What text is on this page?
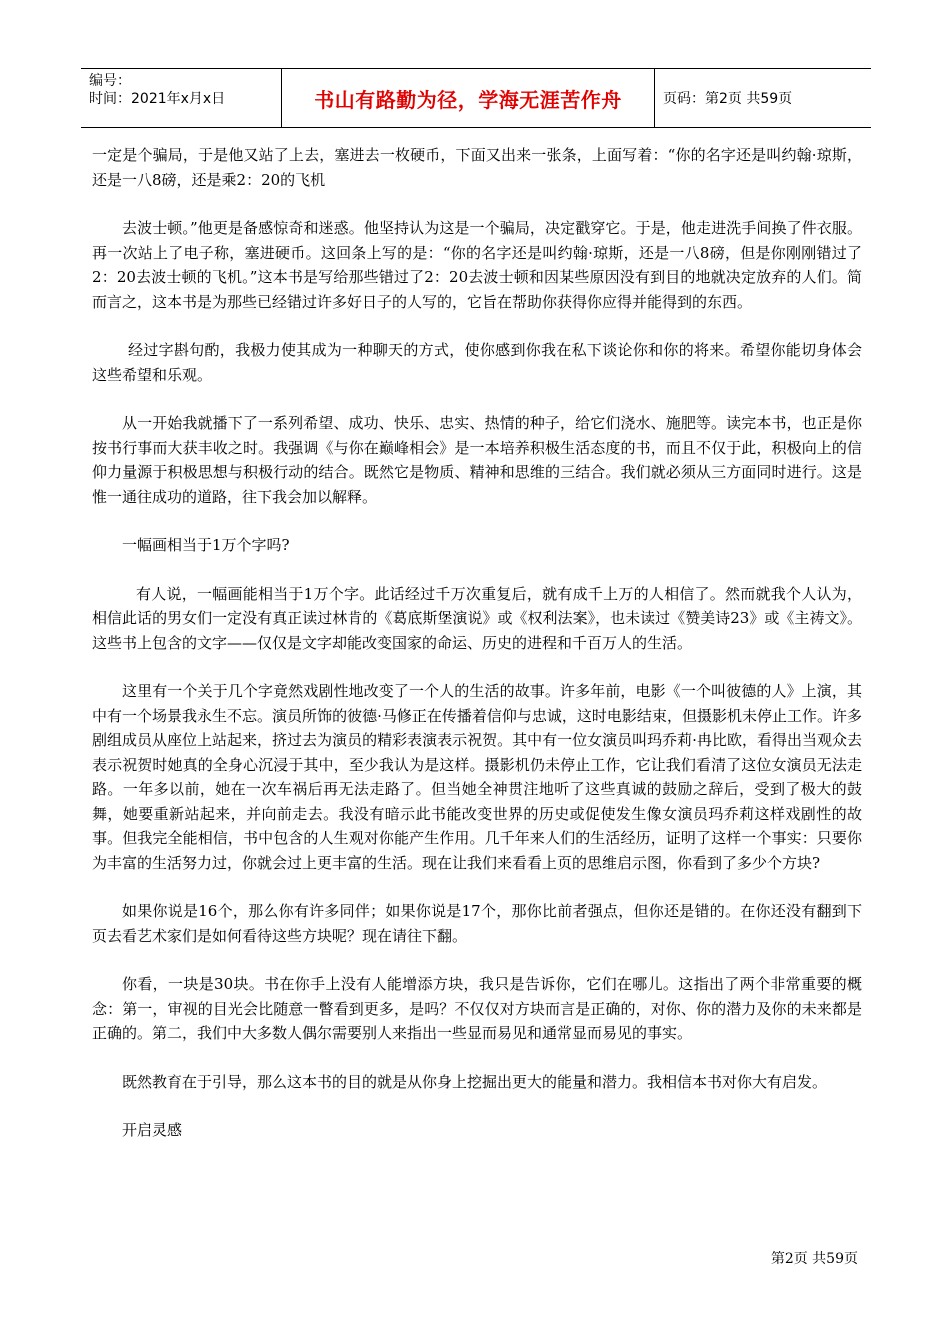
编号：
时间：2021年x月x日	书山有路勤为径，学海无涯苦作舟	页码：第2页 共59页

一定是个骗局，于是他又站了上去，塞进去一枚硬币，下面又出来一张条，上面写着：“你的名字还是叫约翰·琼斯，还是一八8磅，还是乘2：20的飞机

去波士顿。”他更是备感惊奇和迷惑。他坚持认为这是一个骗局，决定戳穿它。于是，他走进洗手间换了件衣服。再一次站上了电子称，塞进硬币。这回条上写的是：“你的名字还是叫约翰·琼斯，还是一八8磅，但是你刚刚错过了2：20去波士顿的飞机。”这本书是写给那些错过了2：20去波士顿和因某些原因没有到目的地就决定放弃的人们。简而言之，这本书是为那些已经错过许多好日子的人写的，它旨在帮助你获得你应得并能得到的东西。

经过字斟句酌，我极力使其成为一种聊天的方式，使你感到你我在私下谈论你和你的将来。希望你能切身体会这些希望和乐观。

从一开始我就播下了一系列希望、成功、快乐、忠实、热情的种子，给它们浇水、施肥等。读完本书，也正是你按书行事而大获丰收之时。我强调《与你在巅峰相会》是一本培养积极生活态度的书，而且不仅于此，积极向上的信仰力量源于积极思想与积极行动的结合。既然它是物质、精神和思维的三结合。我们就必须从三方面同时进行。这是惟一通往成功的道路，往下我会加以解释。

一幅画相当于1万个字吗?

有人说，一幅画能相当于1万个字。此话经过千万次重复后，就有成千上万的人相信了。然而就我个人认为，相信此话的男女们一定没有真正读过林肯的《葛底斯堡演说》或《权利法案》，也未读过《赞美诗23》或《主祷文》。这些书上包含的文字——仅仅是文字却能改变国家的命运、历史的进程和千百万人的生活。

这里有一个关于几个字竟然戏剧性地改变了一个人的生活的故事。许多年前，电影《一个叫彼德的人》上演，其中有一个场景我永生不忘。演员所饰的彼德·马修正在传播着信仰与忠诚，这时电影结束，但摄影机未停止工作。许多剧组成员从座位上站起来，挤过去为演员的精彩表演表示祝贺。其中有一位女演员叫玛乔莉·冉比欧，看得出当观众去表示祝贺时她真的全身心沉浸于其中，至少我认为是这样。摄影机仍未停止工作，它让我们看清了这位女演员无法走路。一年多以前，她在一次车祸后再无法走路了。但当她全神贯注地听了这些真诚的鼓励之辞后，受到了极大的鼓舞，她要重新站起来，并向前走去。我没有暗示此书能改变世界的历史或促使发生像女演员玛乔莉这样戏剧性的故事。但我完全能相信，书中包含的人生观对你能产生作用。几千年来人们的生活经历，证明了这样一个事实：只要你为丰富的生活努力过，你就会过上更丰富的生活。现在让我们来看看上页的思维启示图，你看到了多少个方块?

如果你说是16个，那么你有许多同伴；如果你说是17个，那你比前者强点，但你还是错的。在你还没有翻到下页去看艺术家们是如何看待这些方块呢？现在请往下翻。

你看，一块是30块。书在你手上没有人能增添方块，我只是告诉你，它们在哪儿。这指出了两个非常重要的概念：第一，审视的目光会比随意一瞥看到更多，是吗？不仅仅对方块而言是正确的，对你、你的潜力及你的未来都是正确的。第二，我们中大多数人偶尔需要别人来指出一些显而易见和通常显而易见的事实。

既然教育在于引导，那么这本书的目的就是从你身上挖掘出更大的能量和潜力。我相信本书对你大有启发。

开启灵感

第2页 共59页
